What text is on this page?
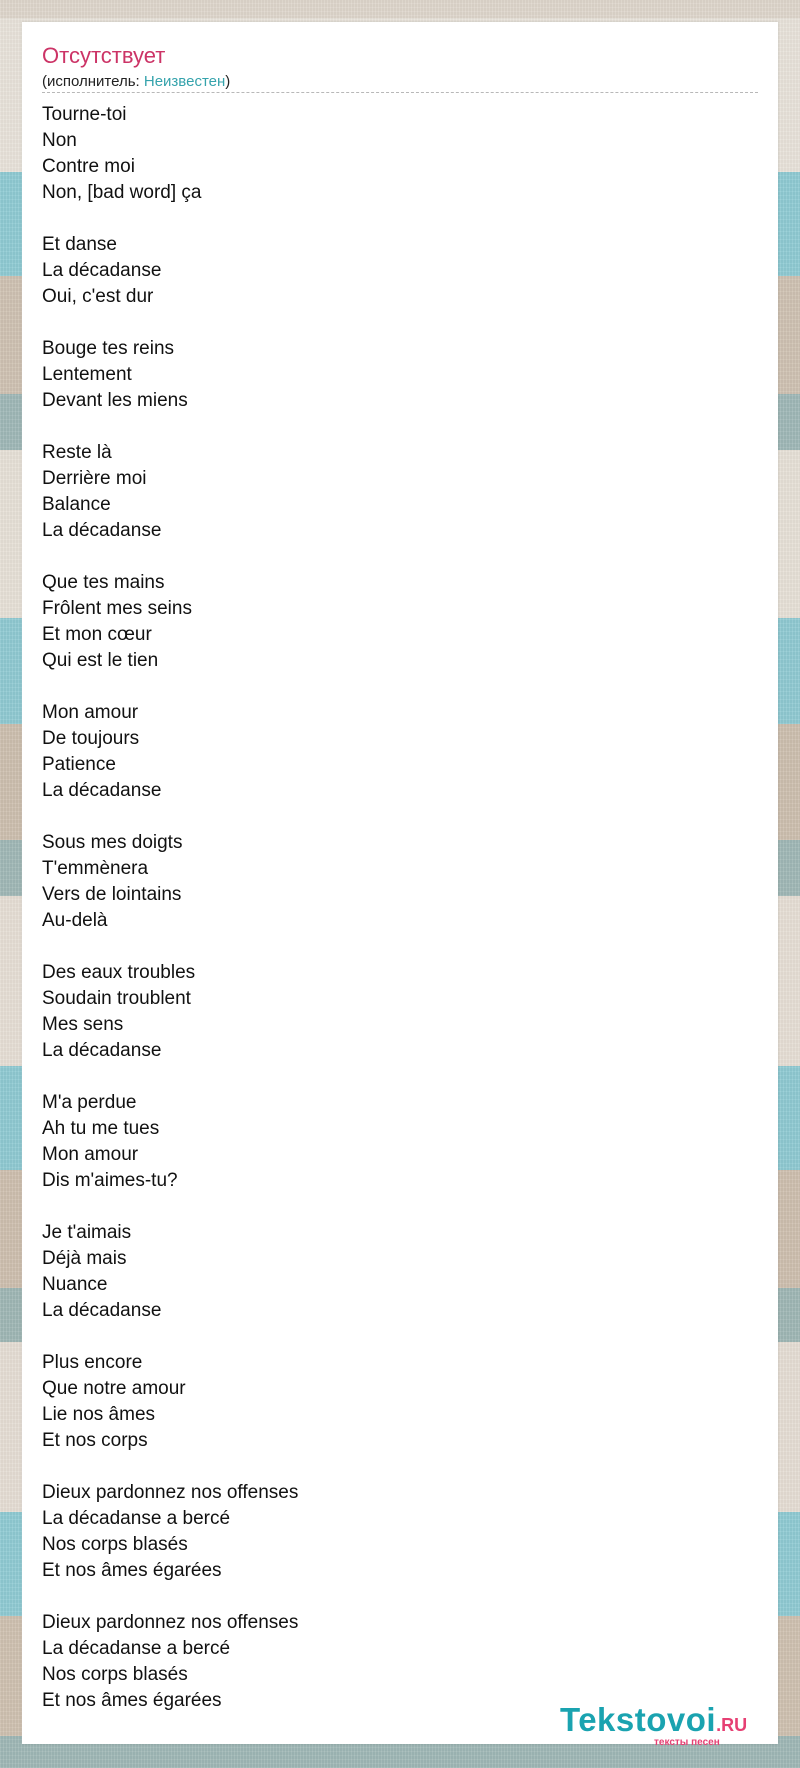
Отсутствует
(исполнитель: Неизвестен)
Tourne-toi
Non
Contre moi
Non, [bad word] ça
Et danse
La décadanse
Oui, c'est dur
Bouge tes reins
Lentement
Devant les miens
Reste là
Derrière moi
Balance
La décadanse
Que tes mains
Frôlent mes seins
Et mon cœur
Qui est le tien
Mon amour
De toujours
Patience
La décadanse
Sous mes doigts
T'emmènera
Vers de lointains
Au-delà
Des eaux troubles
Soudain troublent
Mes sens
La décadanse
M'a perdue
Ah tu me tues
Mon amour
Dis m'aimes-tu?
Je t'aimais
Déjà mais
Nuance
La décadanse
Plus encore
Que notre amour
Lie nos âmes
Et nos corps
Dieux pardonnez nos offenses
La décadanse a bercé
Nos corps blasés
Et nos âmes égarées
Dieux pardonnez nos offenses
La décadanse a bercé
Nos corps blasés
Et nos âmes égarées
Tekstovoi.RU
тексты песен
